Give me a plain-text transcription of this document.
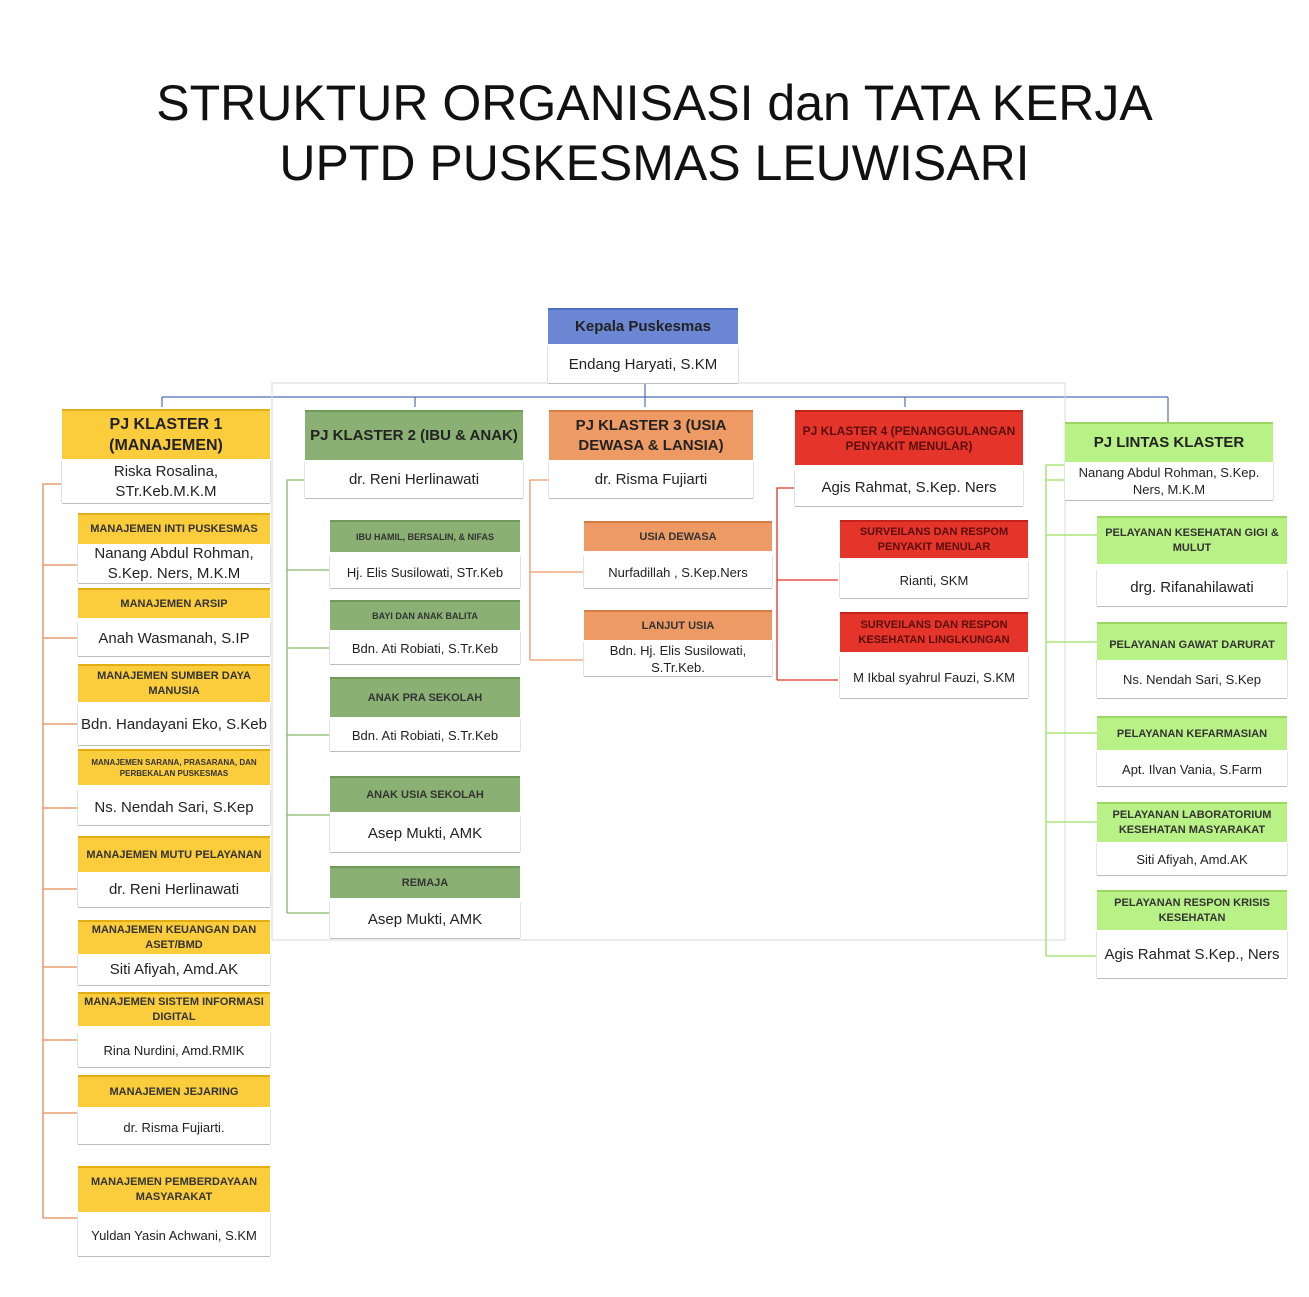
STRUKTUR ORGANISASI dan TATA KERJA
UPTD PUSKESMAS LEUWISARI
Kepala Puskesmas
Endang Haryati, S.KM
PJ KLASTER 1 (MANAJEMEN)
Riska Rosalina, STr.Keb.M.K.M
MANAJEMEN INTI PUSKESMAS
Nanang Abdul Rohman, S.Kep. Ners, M.K.M
MANAJEMEN ARSIP
Anah Wasmanah, S.IP
MANAJEMEN SUMBER DAYA MANUSIA
Bdn. Handayani Eko, S.Keb
MANAJEMEN SARANA, PRASARANA, DAN PERBEKALAN PUSKESMAS
Ns. Nendah Sari, S.Kep
MANAJEMEN MUTU PELAYANAN
dr. Reni Herlinawati
MANAJEMEN KEUANGAN DAN ASET/BMD
Siti Afiyah, Amd.AK
MANAJEMEN SISTEM INFORMASI DIGITAL
Rina Nurdini, Amd.RMIK
MANAJEMEN JEJARING
dr. Risma Fujiarti.
MANAJEMEN PEMBERDAYAAN MASYARAKAT
Yuldan Yasin Achwani, S.KM
PJ KLASTER 2 (IBU & ANAK)
dr. Reni Herlinawati
IBU HAMIL, BERSALIN, & NIFAS
Hj. Elis Susilowati, STr.Keb
BAYI DAN ANAK BALITA
Bdn. Ati Robiati, S.Tr.Keb
ANAK PRA SEKOLAH
Bdn. Ati Robiati, S.Tr.Keb
ANAK USIA SEKOLAH
Asep Mukti, AMK
REMAJA
Asep Mukti, AMK
PJ KLASTER 3 (USIA DEWASA & LANSIA)
dr. Risma Fujiarti
USIA DEWASA
Nurfadillah , S.Kep.Ners
LANJUT USIA
Bdn. Hj. Elis Susilowati, S.Tr.Keb.
PJ KLASTER 4 (PENANGGULANGAN PENYAKIT MENULAR)
Agis Rahmat, S.Kep. Ners
SURVEILANS DAN RESPOM PENYAKIT MENULAR
Rianti, SKM
SURVEILANS DAN RESPON KESEHATAN LINGLKUNGAN
M Ikbal syahrul Fauzi, S.KM
PJ LINTAS KLASTER
Nanang Abdul Rohman, S.Kep. Ners, M.K.M
PELAYANAN KESEHATAN GIGI & MULUT
drg. Rifanahilawati
PELAYANAN GAWAT DARURAT
Ns. Nendah Sari, S.Kep
PELAYANAN KEFARMASIAN
Apt. Ilvan Vania, S.Farm
PELAYANAN LABORATORIUM KESEHATAN MASYARAKAT
Siti Afiyah, Amd.AK
PELAYANAN RESPON KRISIS KESEHATAN
Agis Rahmat S.Kep., Ners
